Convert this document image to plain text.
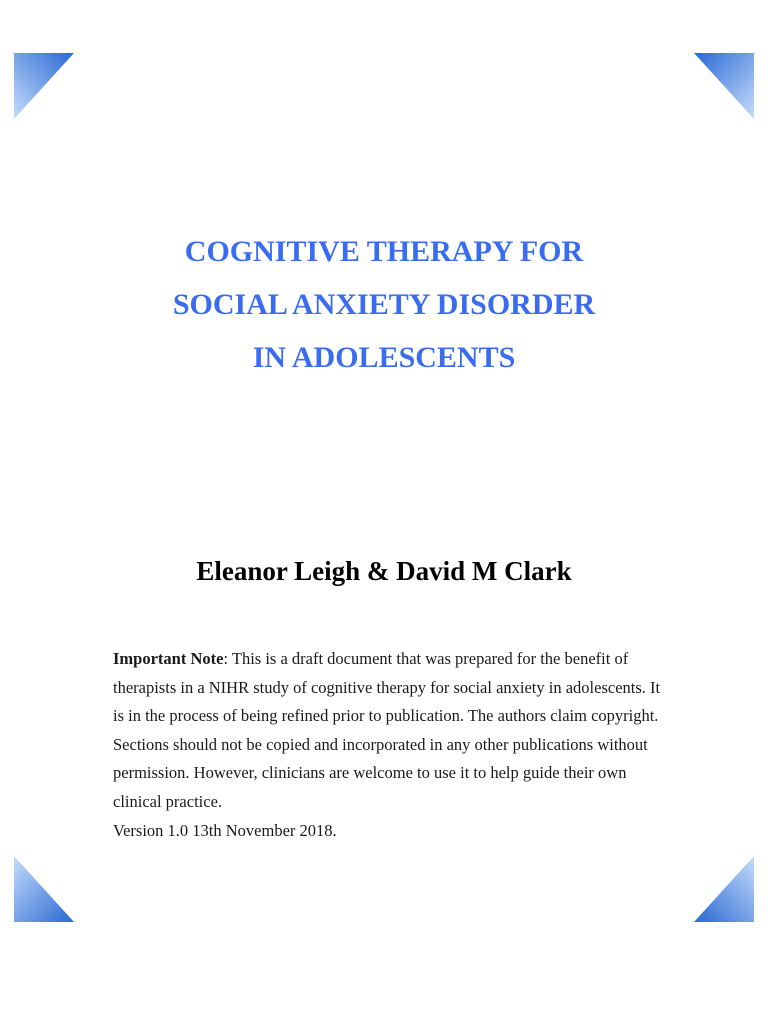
COGNITIVE THERAPY FOR
SOCIAL ANXIETY DISORDER
IN ADOLESCENTS
Eleanor Leigh & David M Clark

Important Note: This is a draft document that was prepared for the benefit of therapists in a NIHR study of cognitive therapy for social anxiety in adolescents. It is in the process of being refined prior to publication. The authors claim copyright. Sections should not be copied and incorporated in any other publications without permission. However, clinicians are welcome to use it to help guide their own clinical practice.

Version 1.0 13th November 2018.
